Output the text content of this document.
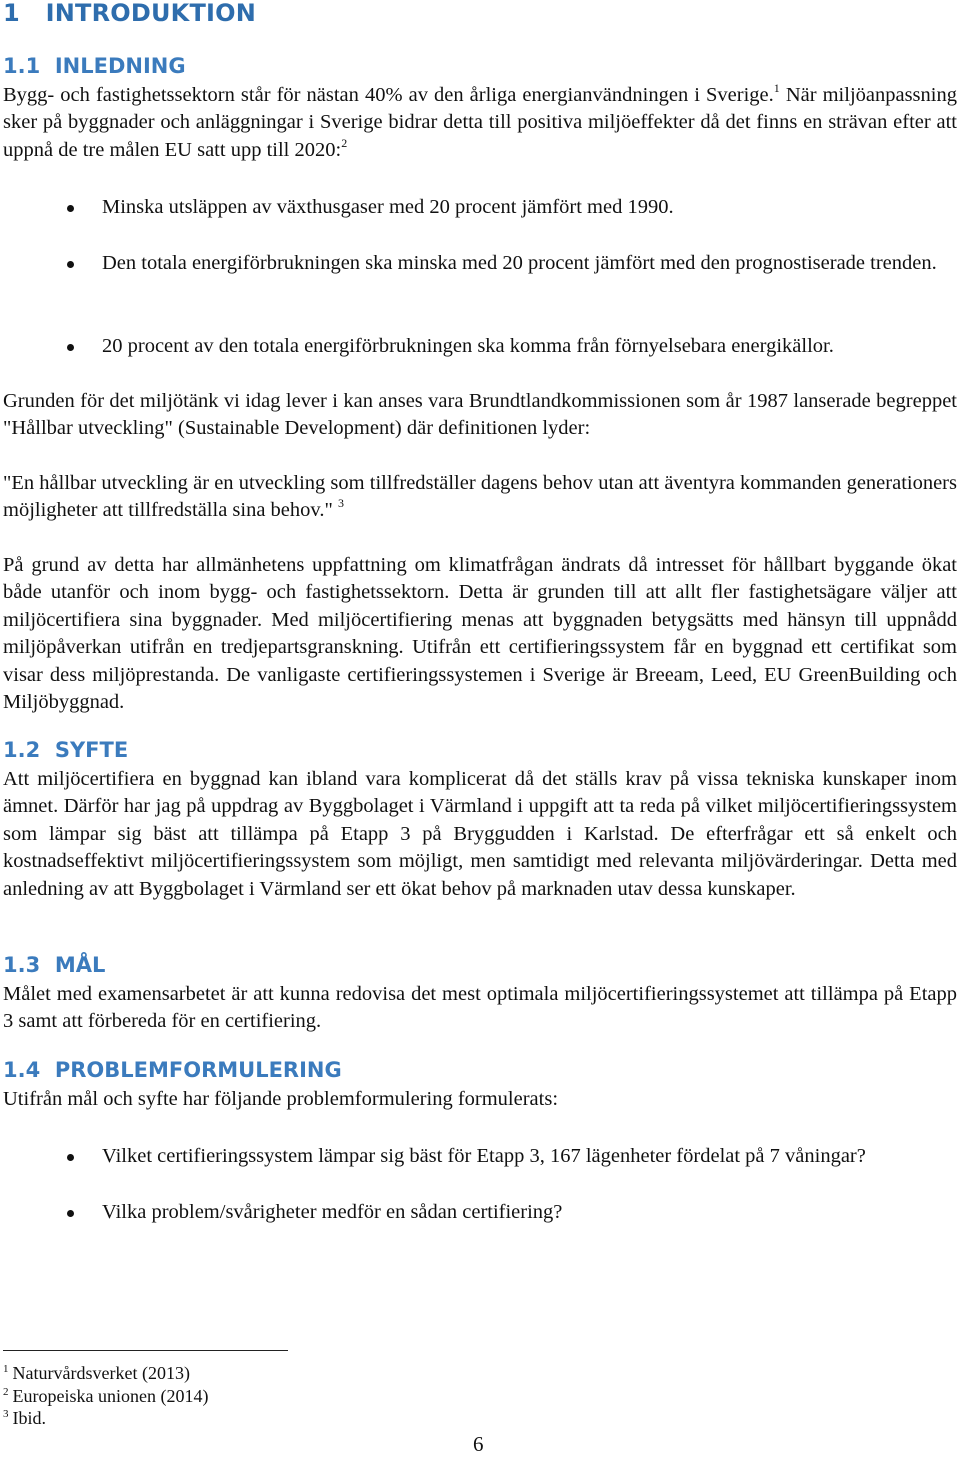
1 INTRODUKTION
1.1 INLEDNING

Bygg- och fastighetssektorn står för nästan 40% av den årliga energianvändningen i Sverige.$^1$ När miljöanpassning sker på byggnader och anläggningar i Sverige bidrar detta till positiva miljöeffekter då det finns en strävan efter att uppnå de tre målen EU satt upp till 2020:$^2$

Minska utsläppen av växthusgaser med 20 procent jämfört med 1990.

Den totala energiförbrukningen ska minska med 20 procent jämfört med den prognostiserade trenden.

20 procent av den totala energiförbrukningen ska komma från förnyelsebara energikällor.

Grunden för det miljötänk vi idag lever i kan anses vara Brundtlandkommissionen som år 1987 lanserade begreppet "Hållbar utveckling" (Sustainable Development) där definitionen lyder:

"En hållbar utveckling är en utveckling som tillfredställer dagens behov utan att äventyra kommanden generationers möjligheter att tillfredställa sina behov." $^3$

På grund av detta har allmänhetens uppfattning om klimatfrågan ändrats då intresset för hållbart byggande ökat både utanför och inom bygg- och fastighetssektorn. Detta är grunden till att allt fler fastighetsägare väljer att miljöcertifiera sina byggnader. Med miljöcertifiering menas att byggnaden betygsätts med hänsyn till uppnådd miljöpåverkan utifrån en tredjepartsgranskning. Utifrån ett certifieringssystem får en byggnad ett certifikat som visar dess miljöprestanda. De vanligaste certifieringssystemen i Sverige är Breeam, Leed, EU GreenBuilding och Miljöbyggnad.

1.2 SYFTE

Att miljöcertifiera en byggnad kan ibland vara komplicerat då det ställs krav på vissa tekniska kunskaper inom ämnet. Därför har jag på uppdrag av Byggbolaget i Värmland i uppgift att ta reda på vilket miljöcertifieringssystem som lämpar sig bäst att tillämpa på Etapp 3 på Bryggudden i Karlstad. De efterfrågar ett så enkelt och kostnadseffektivt miljöcertifieringssystem som möjligt, men samtidigt med relevanta miljövärderingar. Detta med anledning av att Byggbolaget i Värmland ser ett ökat behov på marknaden utav dessa kunskaper.

1.3 MÅL

Målet med examensarbetet är att kunna redovisa det mest optimala miljöcertifieringssystemet att tillämpa på Etapp 3 samt att förbereda för en certifiering.

1.4 PROBLEMFORMULERING

Utifrån mål och syfte har följande problemformulering formulerats:

Vilket certifieringssystem lämpar sig bäst för Etapp 3, 167 lägenheter fördelat på 7 våningar?

Vilka problem/svårigheter medför en sådan certifiering?

$^1$ Naturvårdsverket (2013)

$^2$ Europeiska unionen (2014)

$^3$ Ibid.

6
